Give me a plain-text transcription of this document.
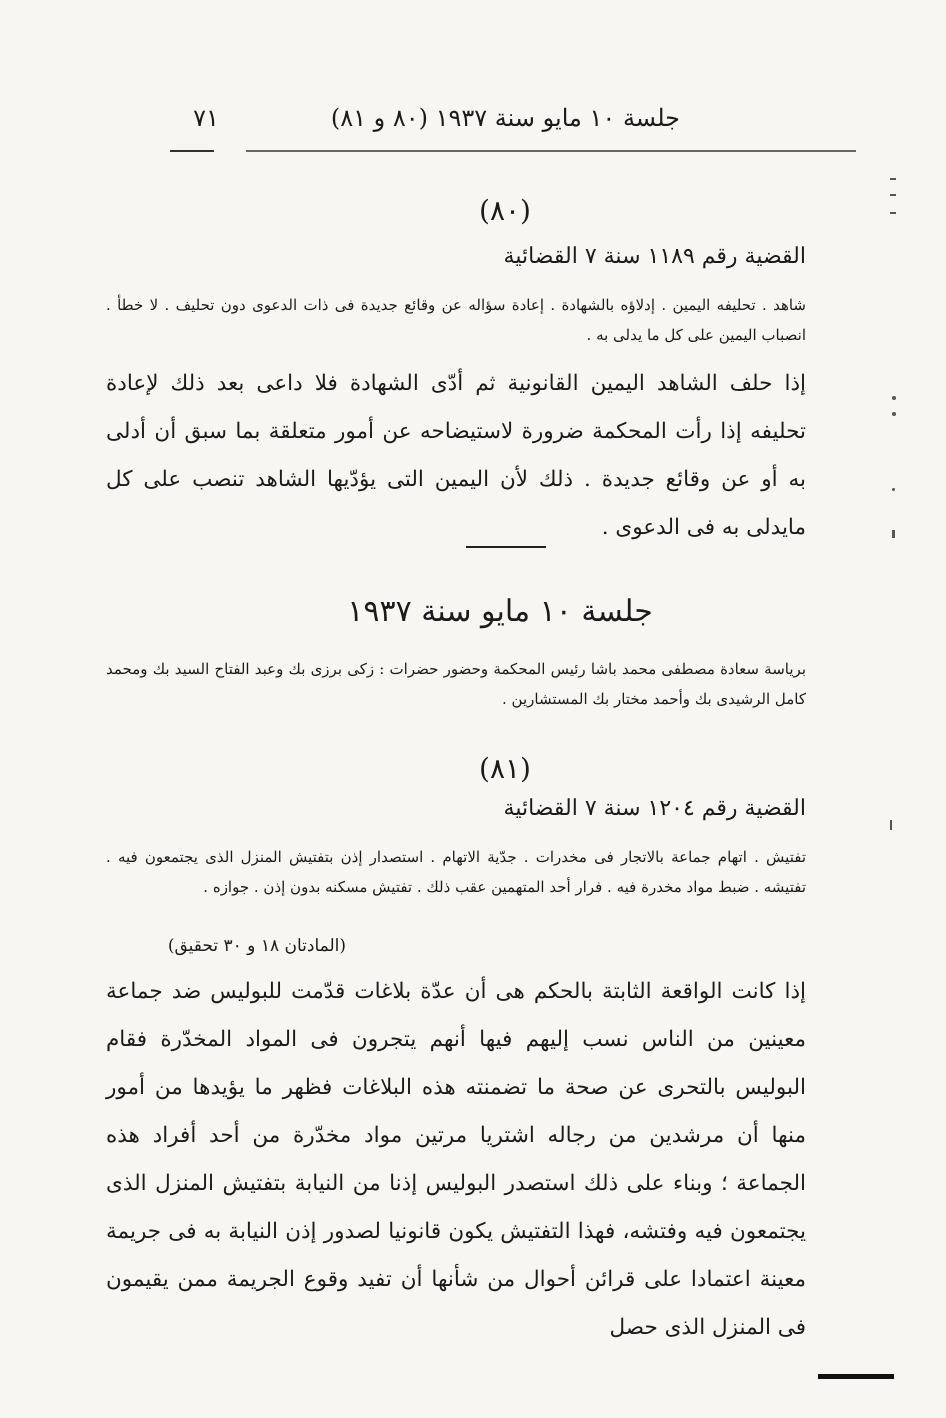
جلسة ١٠ مايو سنة ١٩٣٧ (٨٠ و ٨١)
٧١
(٨٠)
القضية رقم ١١٨٩ سنة ٧ القضائية
شاهد . تحليفه اليمين . إدلاؤه بالشهادة . إعادة سؤاله عن وقائع جديدة فى ذات الدعوى دون تحليف . لا خطأ . انصباب اليمين على كل ما يدلى به .
إذا حلف الشاهد اليمين القانونية ثم أدّى الشهادة فلا داعى بعد ذلك لإعادة تحليفه إذا رأت المحكمة ضرورة لاستيضاحه عن أمور متعلقة بما سبق أن أدلى به أو عن وقائع جديدة . ذلك لأن اليمين التى يؤدّيها الشاهد تنصب على كل مايدلى به فى الدعوى .
جلسة ١٠ مايو سنة ١٩٣٧
برياسة سعادة مصطفى محمد باشا رئيس المحكمة وحضور حضرات : زكى برزى بك وعبد الفتاح السيد بك ومحمد كامل الرشيدى بك وأحمد مختار بك المستشارين .
(٨١)
القضية رقم ١٢٠٤ سنة ٧ القضائية
تفتيش . اتهام جماعة بالاتجار فى مخدرات . جدّية الاتهام . استصدار إذن بتفتيش المنزل الذى يجتمعون فيه . تفتيشه . ضبط مواد مخدرة فيه . فرار أحد المتهمين عقب ذلك . تفتيش مسكنه بدون إذن . جوازه .
(المادتان ١٨ و ٣٠ تحقيق)
إذا كانت الواقعة الثابتة بالحكم هى أن عدّة بلاغات قدّمت للبوليس ضد جماعة معينين من الناس نسب إليهم فيها أنهم يتجرون فى المواد المخدّرة فقام البوليس بالتحرى عن صحة ما تضمنته هذه البلاغات فظهر ما يؤيدها من أمور منها أن مرشدين من رجاله اشتريا مرتين مواد مخدّرة من أحد أفراد هذه الجماعة ؛ وبناء على ذلك استصدر البوليس إذنا من النيابة بتفتيش المنزل الذى يجتمعون فيه وفتشه، فهذا التفتيش يكون قانونيا لصدور إذن النيابة به فى جريمة معينة اعتمادا على قرائن أحوال من شأنها أن تفيد وقوع الجريمة ممن يقيمون فى المنزل الذى حصل
